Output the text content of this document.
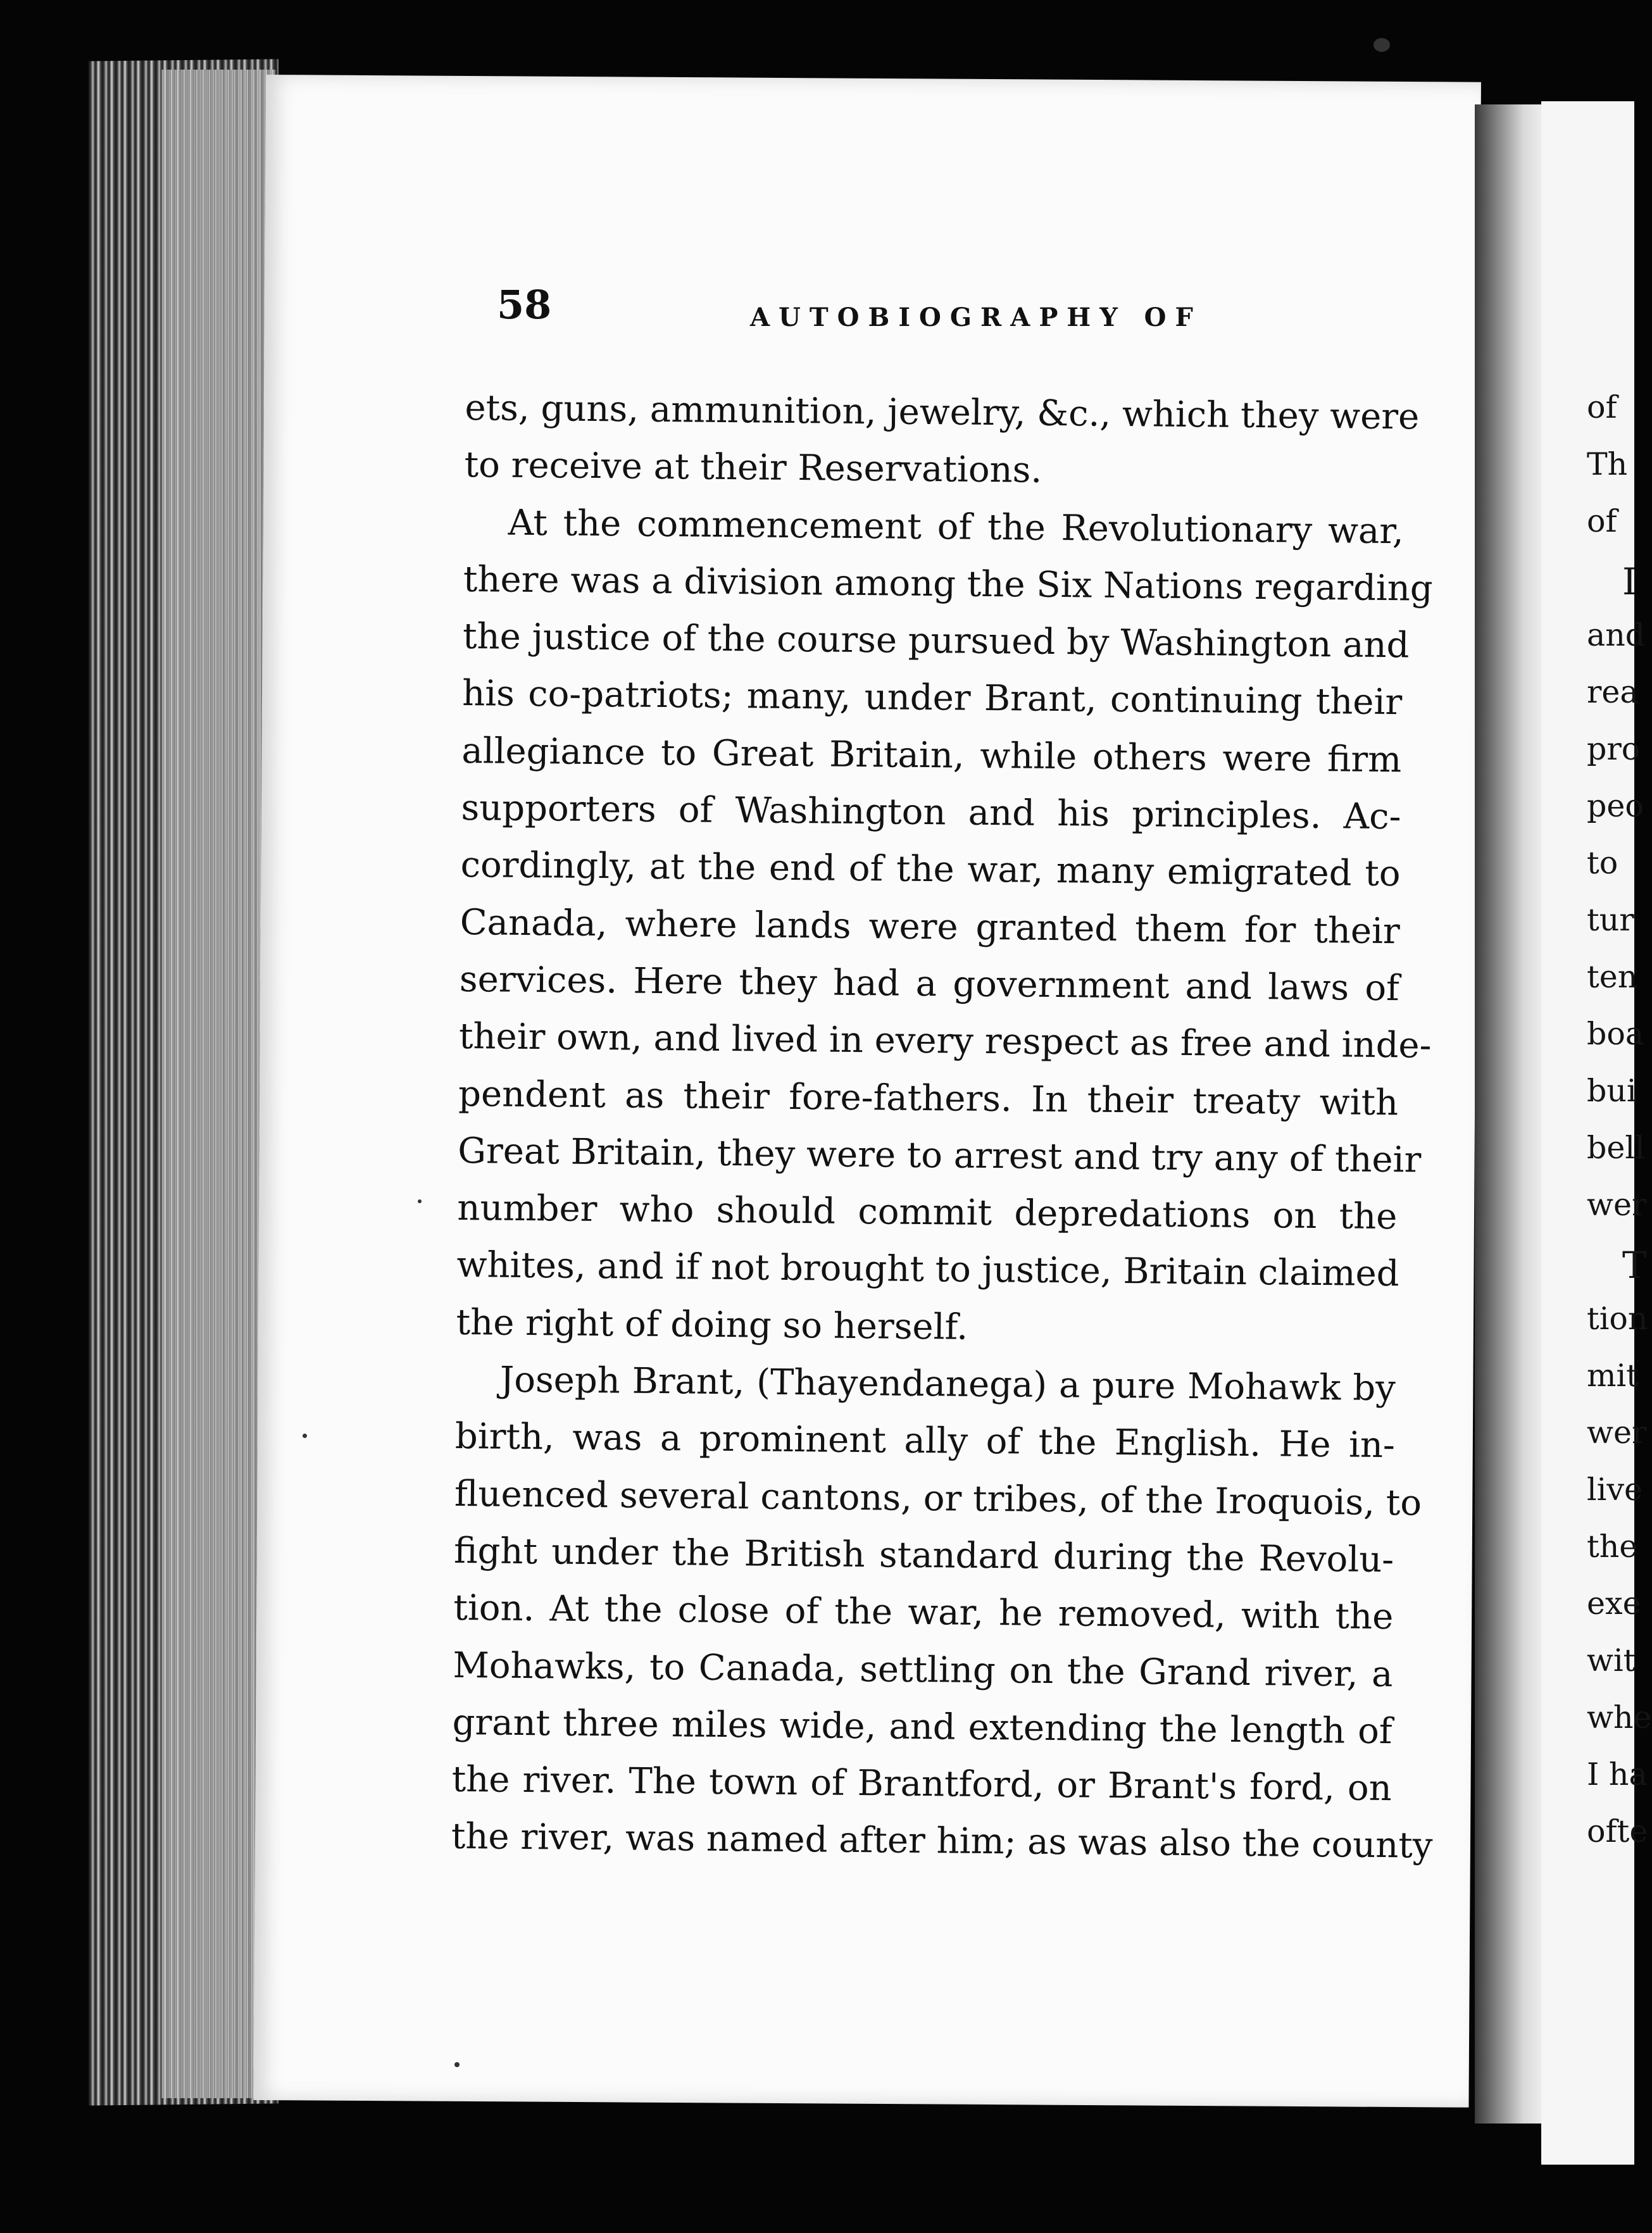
of
Th
of
I
and
rea
pro
peo
to
tur
ten
boa
bui
bell
wer
T
tion
mit
wer
live
the
exe
wit
whe
I ha
ofte
58	AUTOBIOGRAPHY OF
ets, guns, ammunition, jewelry, &c., which they were
to receive at their Reservations.
At the commencement of the Revolutionary war,
there was a division among the Six Nations regarding
the justice of the course pursued by Washington and
his co-patriots; many, under Brant, continuing their
allegiance to Great Britain, while others were firm
supporters of Washington and his principles. Ac-
cordingly, at the end of the war, many emigrated to
Canada, where lands were granted them for their
services. Here they had a government and laws of
their own, and lived in every respect as free and inde-
pendent as their fore-fathers. In their treaty with
Great Britain, they were to arrest and try any of their
number who should commit depredations on the
whites, and if not brought to justice, Britain claimed
the right of doing so herself.
Joseph Brant, (Thayendanega) a pure Mohawk by
birth, was a prominent ally of the English. He in-
fluenced several cantons, or tribes, of the Iroquois, to
fight under the British standard during the Revolu-
tion. At the close of the war, he removed, with the
Mohawks, to Canada, settling on the Grand river, a
grant three miles wide, and extending the length of
the river. The town of Brantford, or Brant's ford, on
the river, was named after him; as was also the county
